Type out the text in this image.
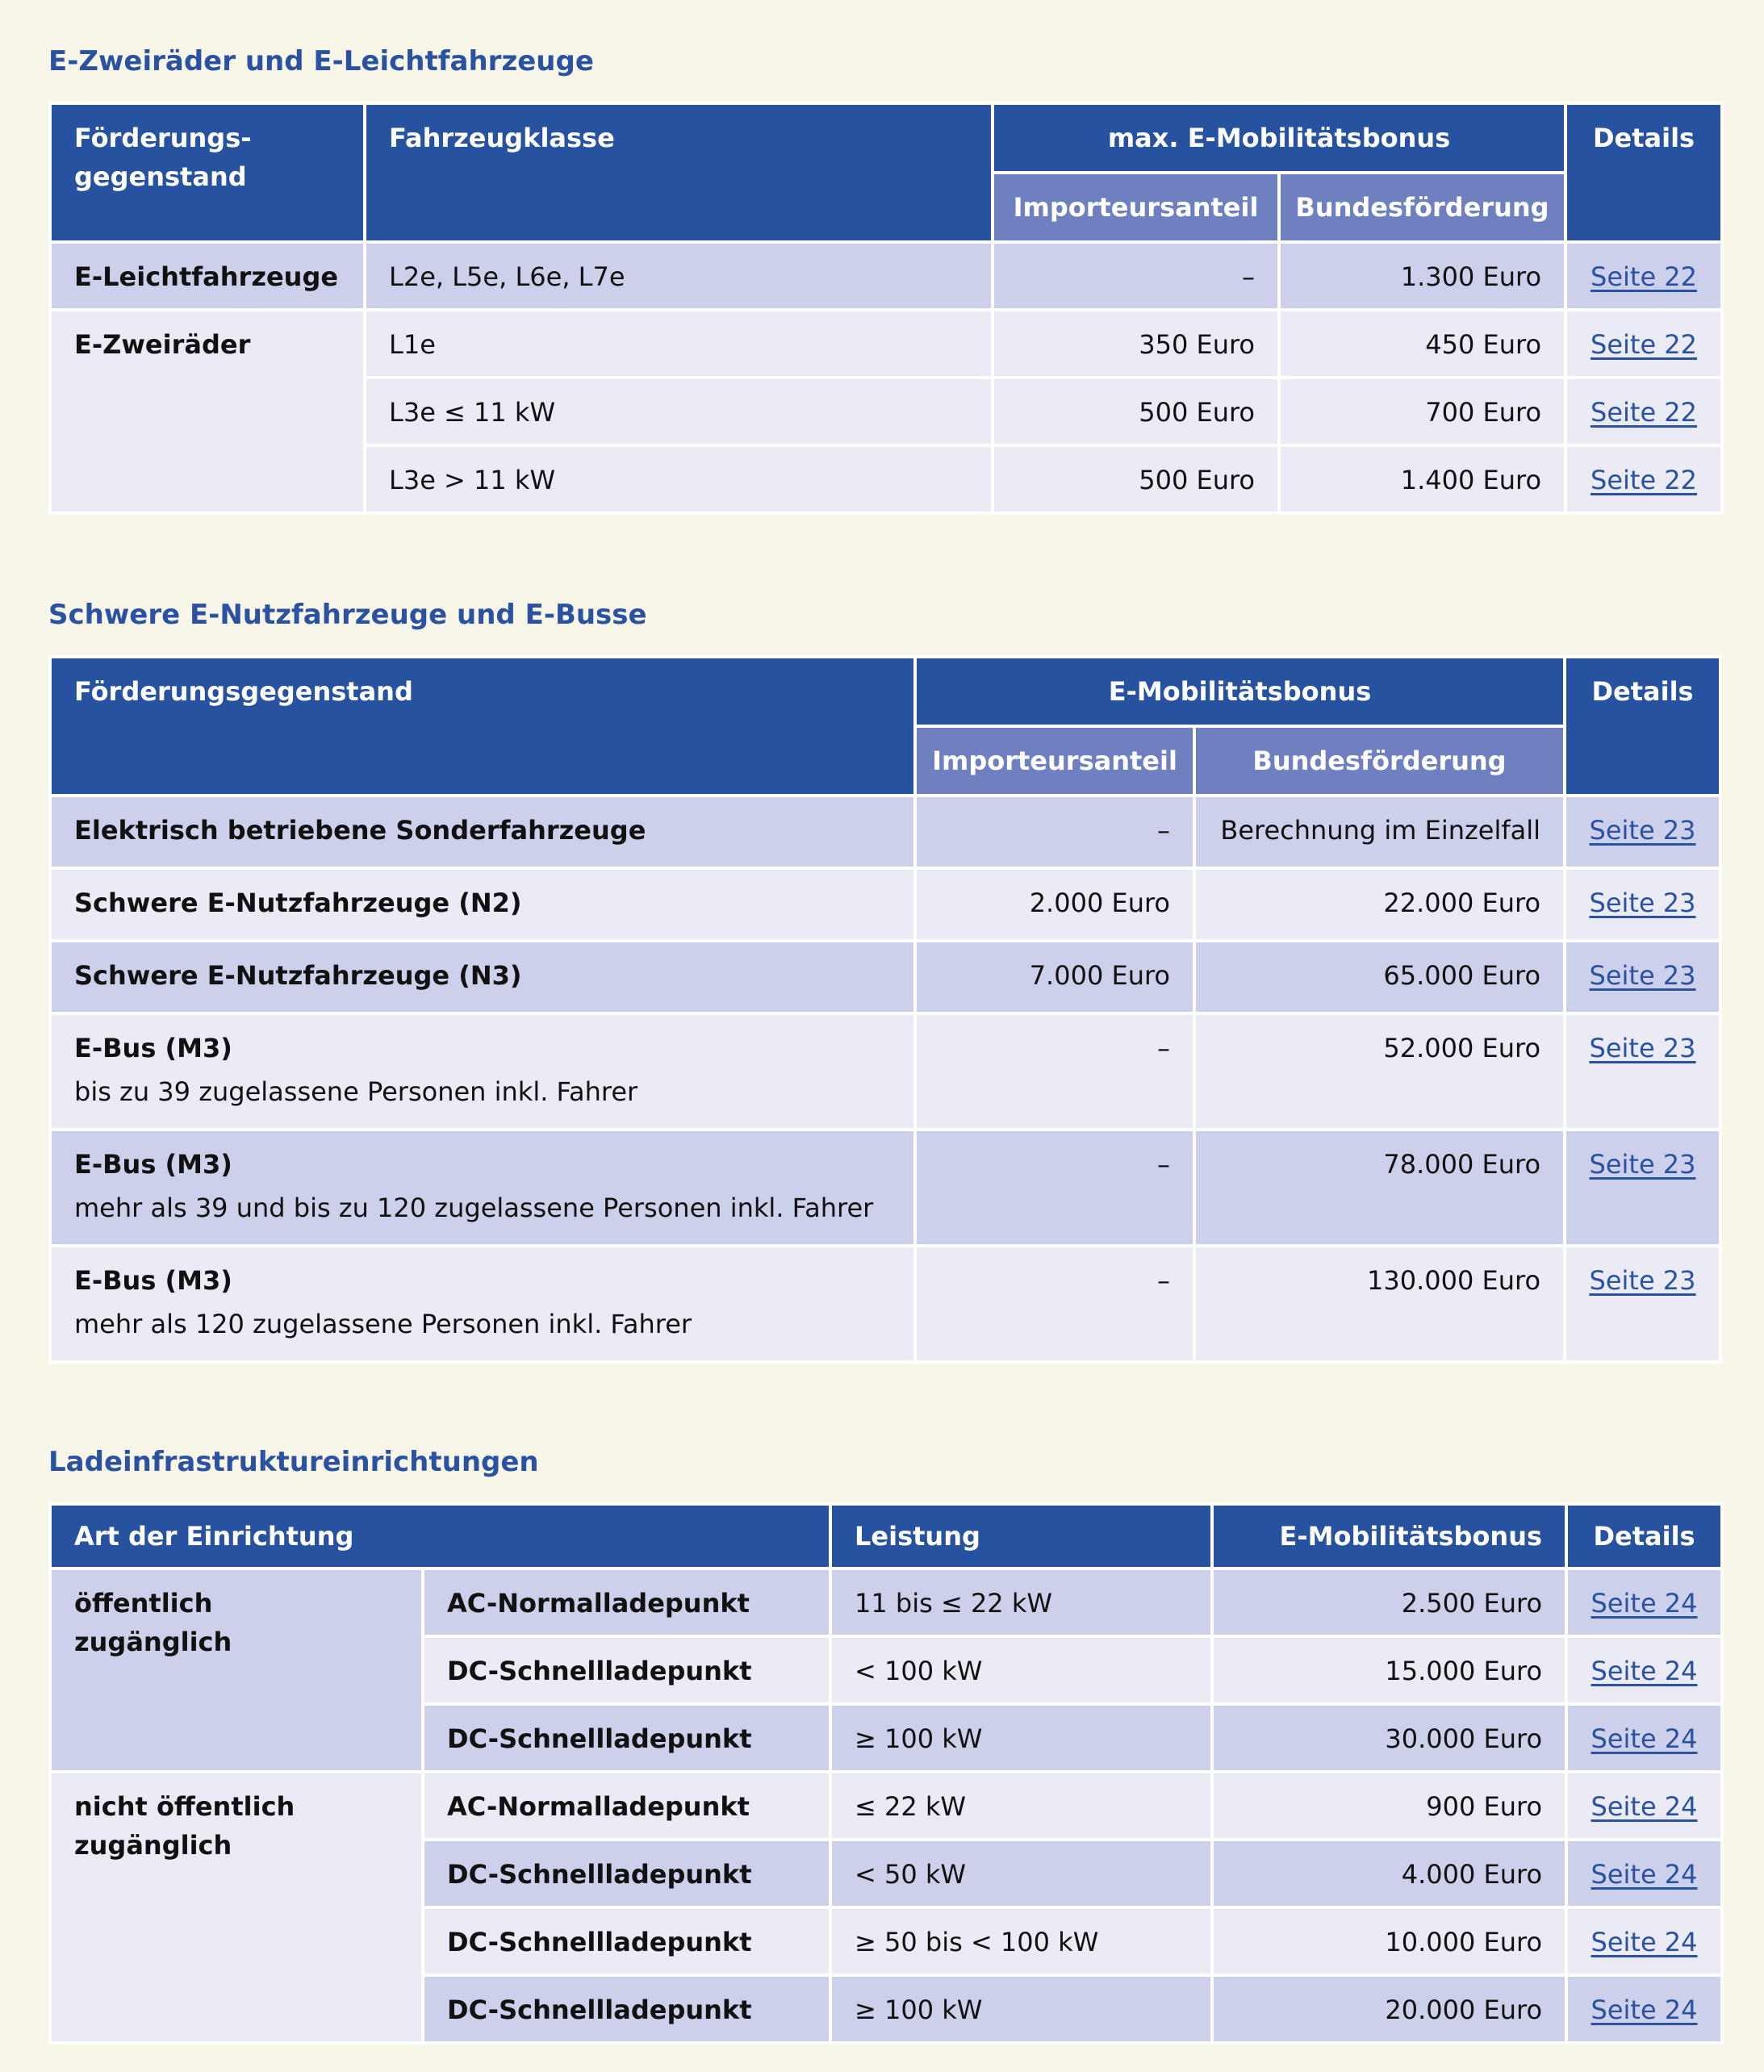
E-Zweiräder und E-Leichtfahrzeuge
Förderungs-
gegenstand	Fahrzeugklasse	max. E-Mobilitätsbonus		Details
		Importeursanteil	Bundesförderung	
E-Leichtfahrzeuge	L2e, L5e, L6e, L7e	–	1.300 Euro	Seite 22
E-Zweiräder	L1e	350 Euro	450 Euro	Seite 22
	L3e ≤ 11 kW	500 Euro	700 Euro	Seite 22
	L3e > 11 kW	500 Euro	1.400 Euro	Seite 22
Schwere E-Nutzfahrzeuge und E-Busse
Förderungsgegenstand	E-Mobilitätsbonus		Details
	Importeursanteil	Bundesförderung	
Elektrisch betriebene Sonderfahrzeuge	–	Berechnung im Einzelfall	Seite 23
Schwere E-Nutzfahrzeuge (N2)	2.000 Euro	22.000 Euro	Seite 23
Schwere E-Nutzfahrzeuge (N3)	7.000 Euro	65.000 Euro	Seite 23

E-Bus (M3)
bis zu 39 zugelassene Personen inkl. Fahrer	–	52.000 Euro	Seite 23

E-Bus (M3)
mehr als 39 und bis zu 120 zugelassene Personen inkl. Fahrer	–	78.000 Euro	Seite 23

E-Bus (M3)
mehr als 120 zugelassene Personen inkl. Fahrer	–	130.000 Euro	Seite 23
Ladeinfrastruktureinrichtungen
Art der Einrichtung		Leistung	E-Mobilitätsbonus	Details

öffentlich
zugänglich	AC-Normalladepunkt	11 bis ≤ 22 kW	2.500 Euro	Seite 24
	DC-Schnellladepunkt	< 100 kW	15.000 Euro	Seite 24
	DC-Schnellladepunkt	≥ 100 kW	30.000 Euro	Seite 24

nicht öffentlich
zugänglich	AC-Normalladepunkt	≤ 22 kW	900 Euro	Seite 24
	DC-Schnellladepunkt	< 50 kW	4.000 Euro	Seite 24
	DC-Schnellladepunkt	≥ 50 bis < 100 kW	10.000 Euro	Seite 24
	DC-Schnellladepunkt	≥ 100 kW	20.000 Euro	Seite 24
